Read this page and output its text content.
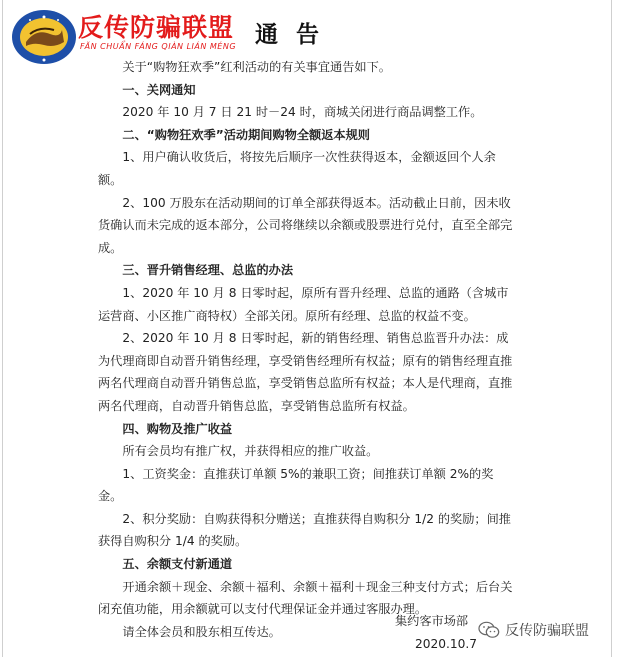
反传防骗联盟
FĂN CHUẨN FÁNG QIÀN LIÁN MÉNG 通告

关于“购物狂欢季”红利活动的有关事宜通告如下。

一、关网通知

2020 年 10 月 7 日 21 时－24 时，商城关闭进行商品调整工作。

二、“购物狂欢季”活动期间购物全额返本规则

1、用户确认收货后，将按先后顺序一次性获得返本，金额返回个人余额。

2、100 万股东在活动期间的订单全部获得返本。活动截止日前，因未收货确认而未完成的返本部分，公司将继续以余额或股票进行兑付，直至全部完成。

三、晋升销售经理、总监的办法

1、2020 年 10 月 8 日零时起，原所有晋升经理、总监的通路（含城市运营商、小区推广商特权）全部关闭。原所有经理、总监的权益不变。

2、2020 年 10 月 8 日零时起，新的销售经理、销售总监晋升办法：成为代理商即自动晋升销售经理，享受销售经理所有权益；原有的销售经理直推两名代理商自动晋升销售总监，享受销售总监所有权益；本人是代理商，直推两名代理商，自动晋升销售总监，享受销售总监所有权益。

四、购物及推广收益

所有会员均有推广权，并获得相应的推广收益。

1、工资奖金：直推获订单额 5%的兼职工资；间推获订单额 2%的奖金。

2、积分奖励：自购获得积分赠送；直推获得自购积分 1/2 的奖励；间推获得自购积分 1/4 的奖励。

五、余额支付新通道

开通余额＋现金、余额＋福利、余额＋福利＋现金三种支付方式；后台关闭充值功能，用余额就可以支付代理保证金并通过客服办理。

请全体会员和股东相互传达。

集约客市场部
2020.10.7
反传防骗联盟
